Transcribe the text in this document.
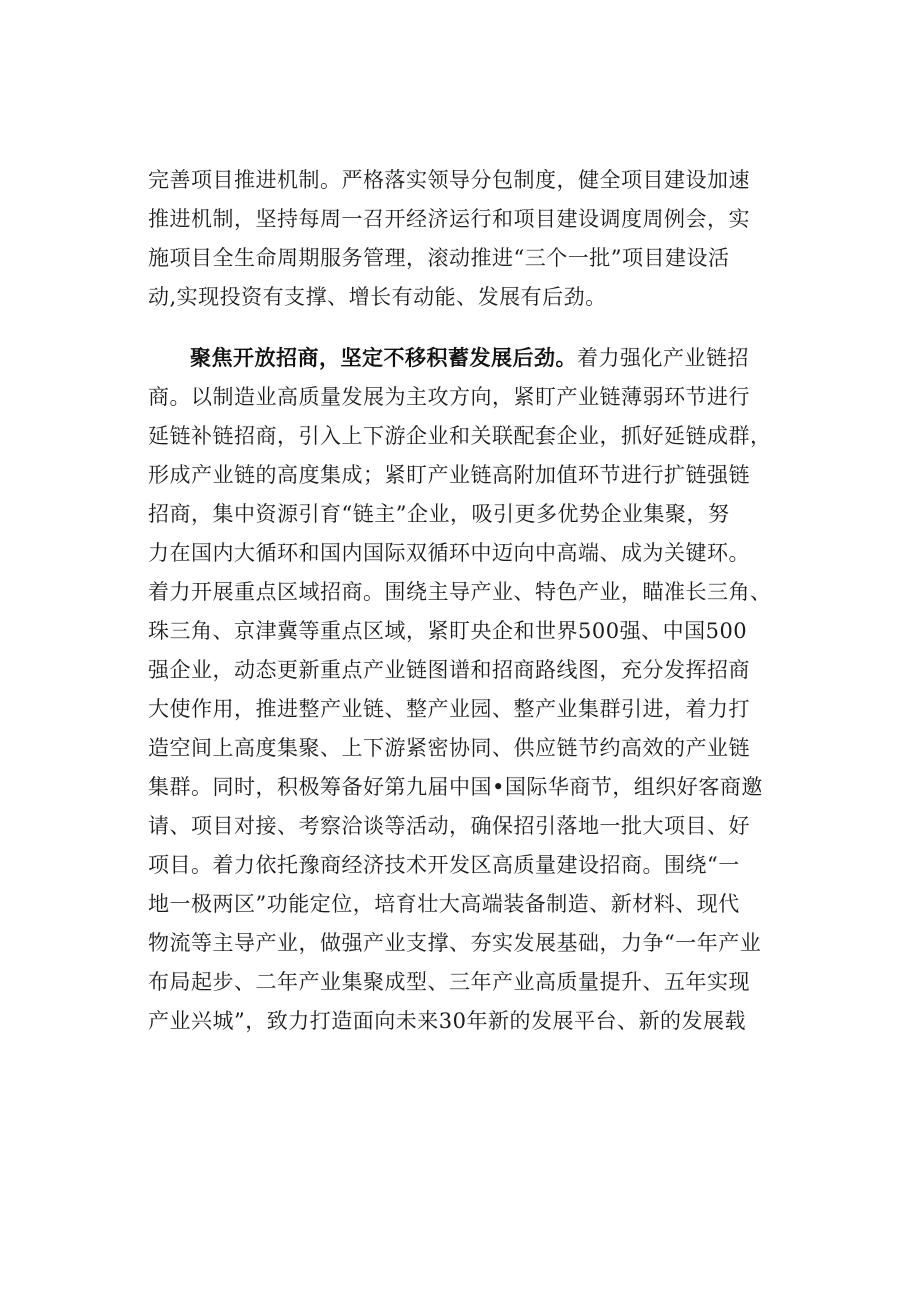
完善项目推进机制。严格落实领导分包制度，健全项目建设加速
推进机制，坚持每周一召开经济运行和项目建设调度周例会，实
施项目全生命周期服务管理，滚动推进“三个一批”项目建设活
动,实现投资有支撑、增长有动能、发展有后劲。
聚焦开放招商，坚定不移积蓄发展后劲。着力强化产业链招
商。以制造业高质量发展为主攻方向，紧盯产业链薄弱环节进行
延链补链招商，引入上下游企业和关联配套企业，抓好延链成群，
形成产业链的高度集成；紧盯产业链高附加值环节进行扩链强链
招商，集中资源引育“链主”企业，吸引更多优势企业集聚，努
力在国内大循环和国内国际双循环中迈向中高端、成为关键环。
着力开展重点区域招商。围绕主导产业、特色产业，瞄准长三角、
珠三角、京津冀等重点区域，紧盯央企和世界500强、中国500
强企业，动态更新重点产业链图谱和招商路线图，充分发挥招商
大使作用，推进整产业链、整产业园、整产业集群引进，着力打
造空间上高度集聚、上下游紧密协同、供应链节约高效的产业链
集群。同时，积极筹备好第九届中国•国际华商节，组织好客商邀
请、项目对接、考察洽谈等活动，确保招引落地一批大项目、好
项目。着力依托豫商经济技术开发区高质量建设招商。围绕“一
地一极两区”功能定位，培育壮大高端装备制造、新材料、现代
物流等主导产业，做强产业支撑、夯实发展基础，力争“一年产业
布局起步、二年产业集聚成型、三年产业高质量提升、五年实现
产业兴城”，致力打造面向未来30年新的发展平台、新的发展载
